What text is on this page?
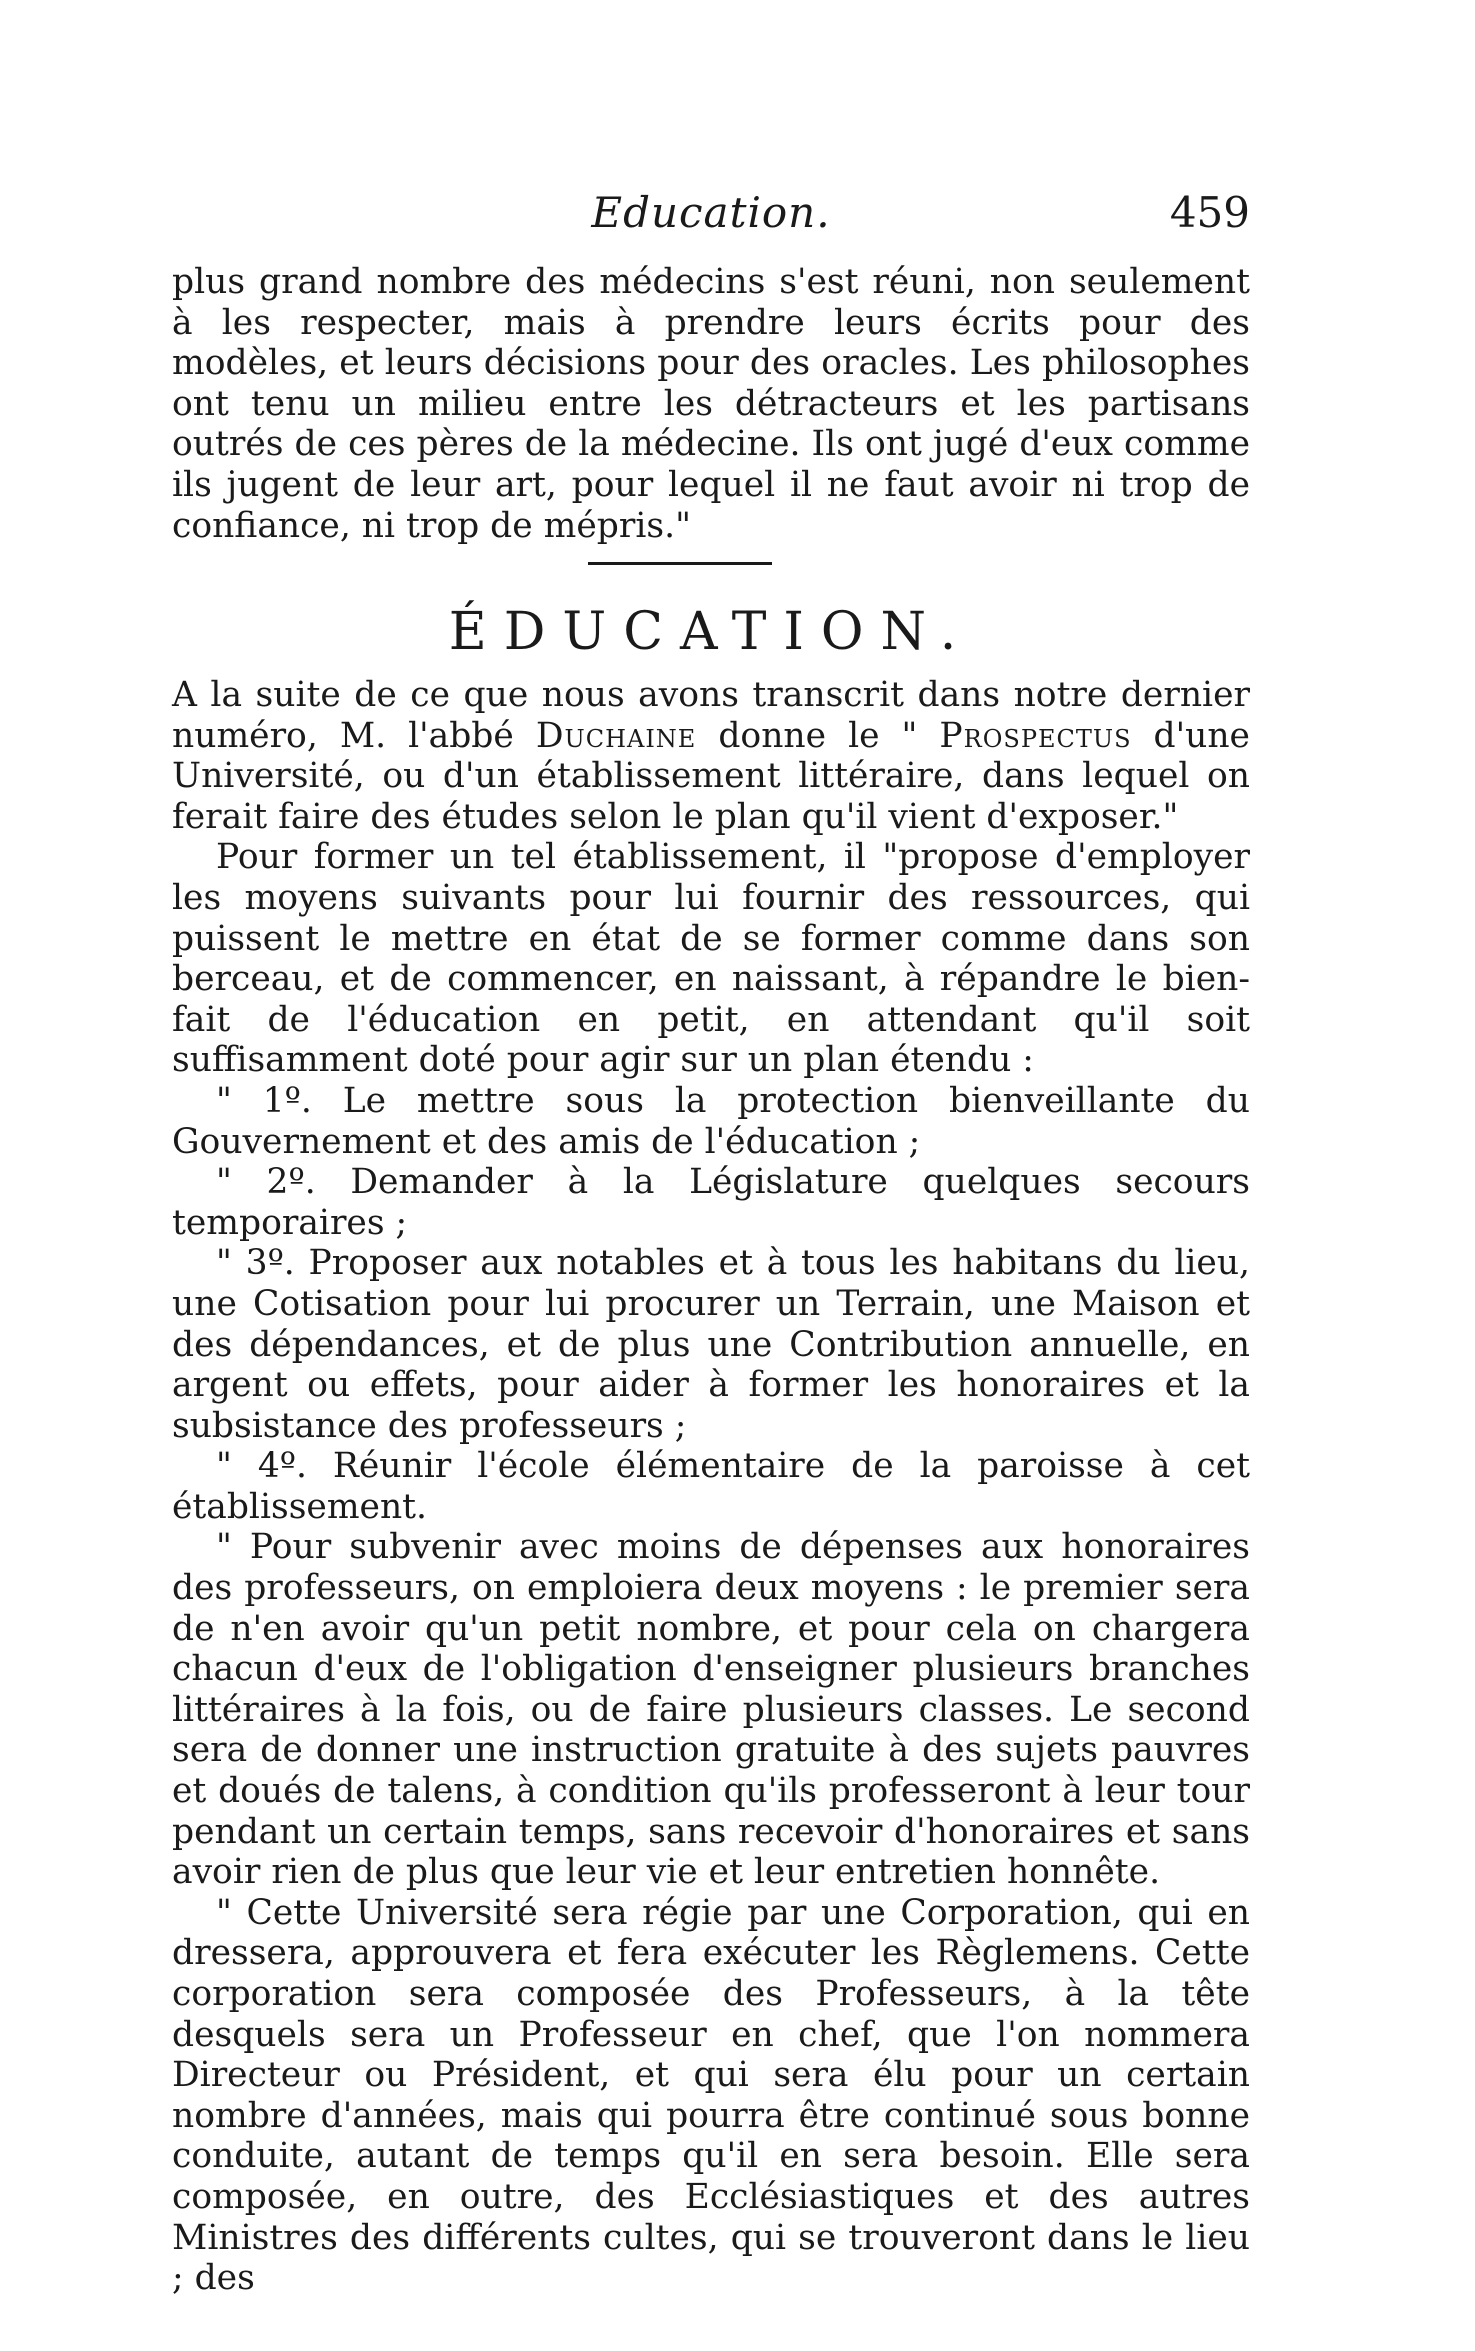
Education.	459

plus grand nombre des médecins s'est réuni, non seulement à les respecter, mais à prendre leurs écrits pour des modèles, et leurs décisions pour des oracles. Les philosophes ont tenu un milieu entre les détracteurs et les partisans outrés de ces pères de la médecine. Ils ont jugé d'eux comme ils jugent de leur art, pour lequel il ne faut avoir ni trop de confiance, ni trop de mépris."

ÉDUCATION.

A la suite de ce que nous avons transcrit dans notre dernier numéro, M. l'abbé Duchaine donne le " Prospectus d'une Université, ou d'un établissement littéraire, dans lequel on ferait faire des études selon le plan qu'il vient d'exposer."

Pour former un tel établissement, il "propose d'employer les moyens suivants pour lui fournir des ressources, qui puissent le mettre en état de se former comme dans son berceau, et de commencer, en naissant, à répandre le bien-fait de l'éducation en petit, en attendant qu'il soit suffisamment doté pour agir sur un plan étendu :

" 1º. Le mettre sous la protection bienveillante du Gouvernement et des amis de l'éducation ;

" 2º. Demander à la Législature quelques secours temporaires ;

" 3º. Proposer aux notables et à tous les habitans du lieu, une Cotisation pour lui procurer un Terrain, une Maison et des dépendances, et de plus une Contribution annuelle, en argent ou effets, pour aider à former les honoraires et la subsistance des professeurs ;

" 4º. Réunir l'école élémentaire de la paroisse à cet établissement.

" Pour subvenir avec moins de dépenses aux honoraires des professeurs, on emploiera deux moyens : le premier sera de n'en avoir qu'un petit nombre, et pour cela on chargera chacun d'eux de l'obligation d'enseigner plusieurs branches littéraires à la fois, ou de faire plusieurs classes. Le second sera de donner une instruction gratuite à des sujets pauvres et doués de talens, à condition qu'ils professeront à leur tour pendant un certain temps, sans recevoir d'honoraires et sans avoir rien de plus que leur vie et leur entretien honnête.

" Cette Université sera régie par une Corporation, qui en dressera, approuvera et fera exécuter les Règlemens. Cette corporation sera composée des Professeurs, à la tête desquels sera un Professeur en chef, que l'on nommera Directeur ou Président, et qui sera élu pour un certain nombre d'années, mais qui pourra être continué sous bonne conduite, autant de temps qu'il en sera besoin. Elle sera composée, en outre, des Ecclésiastiques et des autres Ministres des différents cultes, qui se trouveront dans le lieu ; des
